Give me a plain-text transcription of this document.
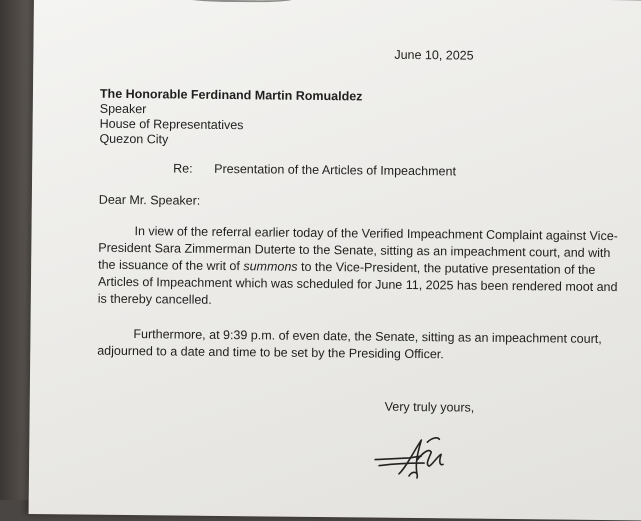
June 10, 2025
The Honorable Ferdinand Martin Romualdez
Speaker
House of Representatives
Quezon City
Re: Presentation of the Articles of Impeachment
Dear Mr. Speaker:
In view of the referral earlier today of the Verified Impeachment Complaint against Vice-President Sara Zimmerman Duterte to the Senate, sitting as an impeachment court, and with the issuance of the writ of summons to the Vice-President, the putative presentation of the Articles of Impeachment which was scheduled for June 11, 2025 has been rendered moot and is thereby cancelled.
Furthermore, at 9:39 p.m. of even date, the Senate, sitting as an impeachment court, adjourned to a date and time to be set by the Presiding Officer.
Very truly yours,
